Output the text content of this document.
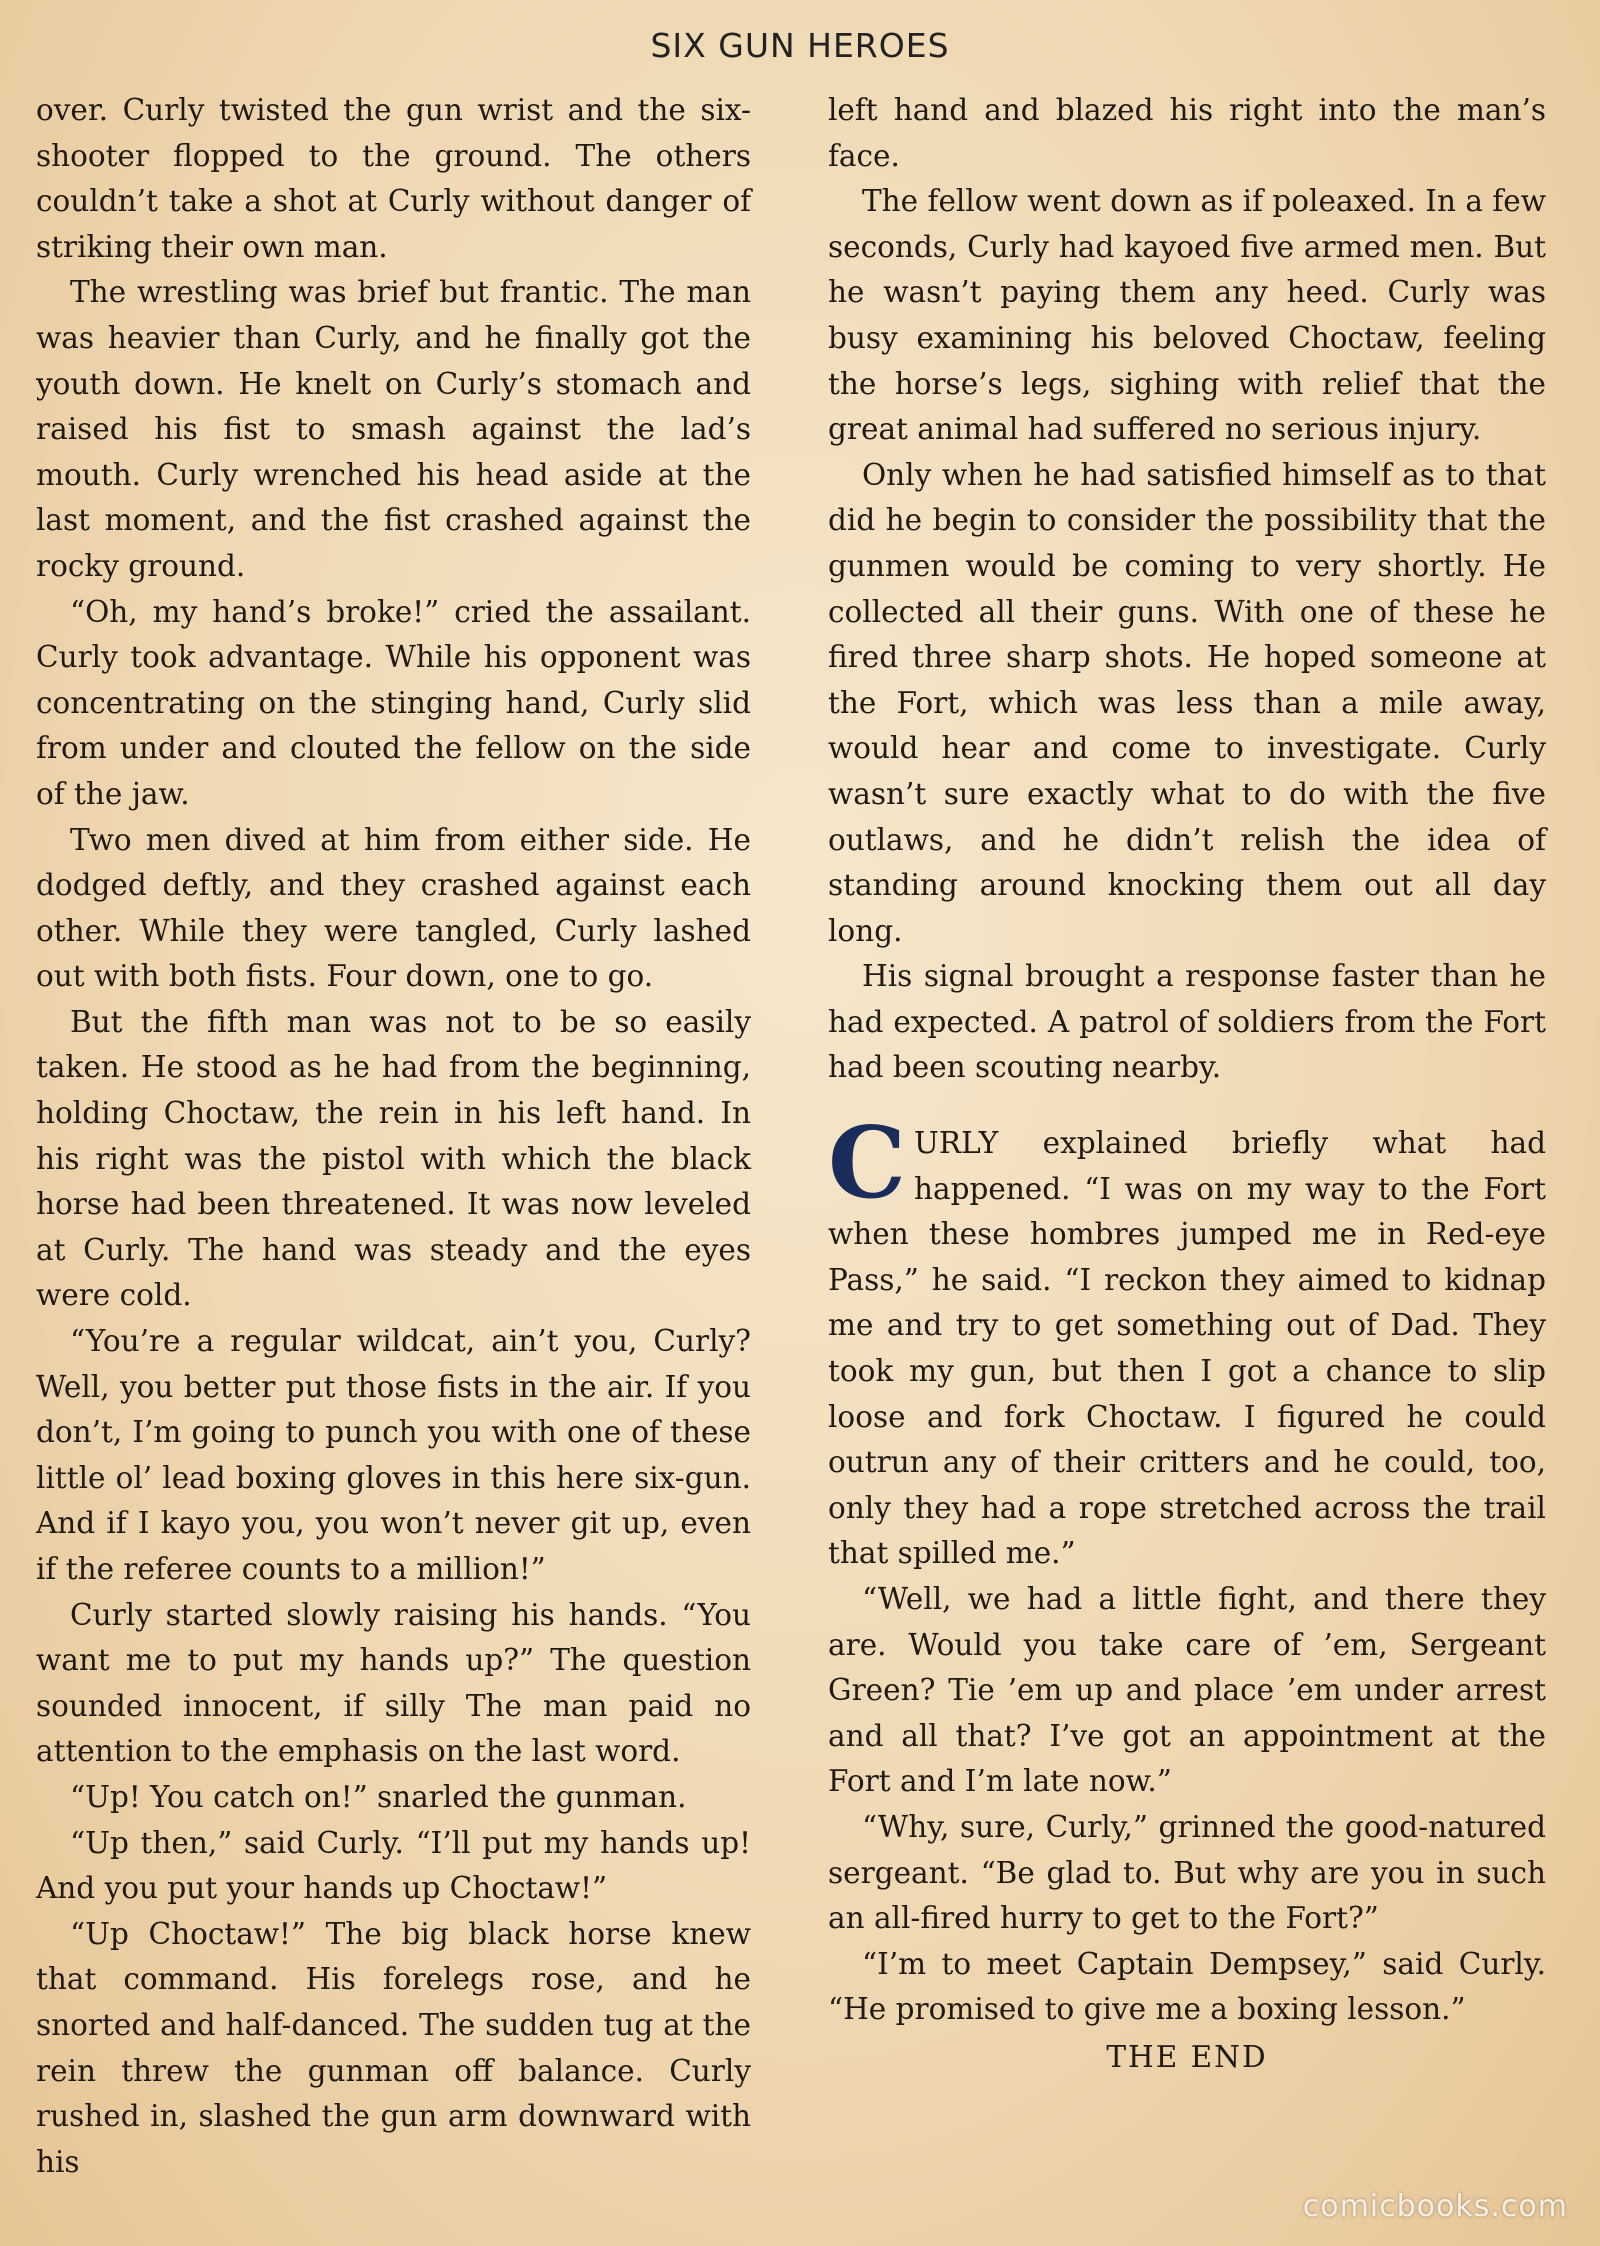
SIX GUN HEROES

over. Curly twisted the gun wrist and the six-shooter flopped to the ground. The others couldn’t take a shot at Curly without danger of striking their own man.

The wrestling was brief but frantic. The man was heavier than Curly, and he finally got the youth down. He knelt on Curly’s stomach and raised his fist to smash against the lad’s mouth. Curly wrenched his head aside at the last moment, and the fist crashed against the rocky ground.

“Oh, my hand’s broke!” cried the assailant. Curly took advantage. While his opponent was concentrating on the stinging hand, Curly slid from under and clouted the fellow on the side of the jaw.

Two men dived at him from either side. He dodged deftly, and they crashed against each other. While they were tangled, Curly lashed out with both fists. Four down, one to go.

But the fifth man was not to be so easily taken. He stood as he had from the beginning, holding Choctaw, the rein in his left hand. In his right was the pistol with which the black horse had been threatened. It was now leveled at Curly. The hand was steady and the eyes were cold.

“You’re a regular wildcat, ain’t you, Curly? Well, you better put those fists in the air. If you don’t, I’m going to punch you with one of these little ol’ lead boxing gloves in this here six-gun. And if I kayo you, you won’t never git up, even if the referee counts to a million!”

Curly started slowly raising his hands. “You want me to put my hands up?” The question sounded innocent, if silly The man paid no attention to the emphasis on the last word.

“Up! You catch on!” snarled the gunman.

“Up then,” said Curly. “I’ll put my hands up! And you put your hands up Choctaw!”

“Up Choctaw!” The big black horse knew that command. His forelegs rose, and he snorted and half-danced. The sudden tug at the rein threw the gunman off balance. Curly rushed in, slashed the gun arm downward with his

left hand and blazed his right into the man’s face.

The fellow went down as if poleaxed. In a few seconds, Curly had kayoed five armed men. But he wasn’t paying them any heed. Curly was busy examining his beloved Choctaw, feeling the horse’s legs, sighing with relief that the great animal had suffered no serious injury.

Only when he had satisfied himself as to that did he begin to consider the possibility that the gunmen would be coming to very shortly. He collected all their guns. With one of these he fired three sharp shots. He hoped someone at the Fort, which was less than a mile away, would hear and come to investigate. Curly wasn’t sure exactly what to do with the five outlaws, and he didn’t relish the idea of standing around knocking them out all day long.

His signal brought a response faster than he had expected. A patrol of soldiers from the Fort had been scouting nearby.

CURLY explained briefly what had happened. “I was on my way to the Fort when these hombres jumped me in Red-eye Pass,” he said. “I reckon they aimed to kidnap me and try to get something out of Dad. They took my gun, but then I got a chance to slip loose and fork Choctaw. I figured he could outrun any of their critters and he could, too, only they had a rope stretched across the trail that spilled me.”

“Well, we had a little fight, and there they are. Would you take care of ’em, Sergeant Green? Tie ’em up and place ’em under arrest and all that? I’ve got an appointment at the Fort and I’m late now.”

“Why, sure, Curly,” grinned the good-natured sergeant. “Be glad to. But why are you in such an all-fired hurry to get to the Fort?”

“I’m to meet Captain Dempsey,” said Curly. “He promised to give me a boxing lesson.”

THE END

comicbooks.com
